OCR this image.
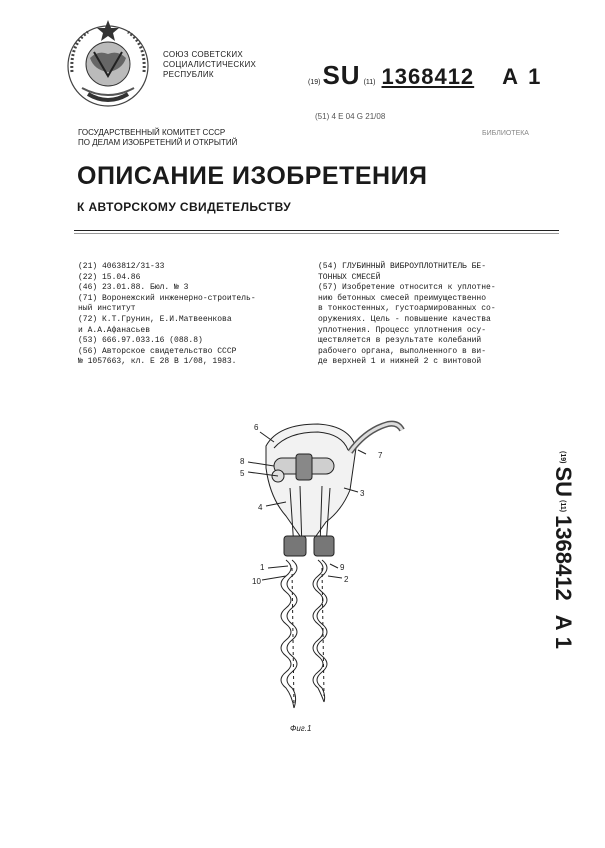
СОЮЗ СОВЕТСКИХ
СОЦИАЛИСТИЧЕСКИХ
РЕСПУБЛИК
(19) SU (11) 1368412 А 1
(51) 4 Е 04 G 21/08
БИБЛИОТЕКА
ГОСУДАРСТВЕННЫЙ КОМИТЕТ СССР
ПО ДЕЛАМ ИЗОБРЕТЕНИЙ И ОТКРЫТИЙ
ОПИСАНИЕ ИЗОБРЕТЕНИЯ
К АВТОРСКОМУ СВИДЕТЕЛЬСТВУ
(21) 4063812/31-33
(22) 15.04.86
(46) 23.01.88. Бюл. № 3
(71) Воронежский инженерно-строитель-
ный институт
(72) К.Т.Грунин, Е.И.Матвеенкова
и А.А.Афанасьев
(53) 666.97.033.16 (088.8)
(56) Авторское свидетельство СССР
№ 1057663, кл. Е 28 В 1/08, 1983.
(54) ГЛУБИННЫЙ ВИБРОУПЛОТНИТЕЛЬ БЕ-
ТОННЫХ СМЕСЕЙ
(57) Изобретение относится к уплотне-
нию бетонных смесей преимущественно
в тонкостенных, густоармированных со-
оружениях. Цель - повышение качества
уплотнения. Процесс уплотнения осу-
ществляется в результате колебаний
рабочего органа, выполненного в ви-
де верхней 1 и нижней 2 с винтовой
6
8
5
3
4
7
1
10	2
9
Фиг.1
(19)
SU
(11)
1368412
А 1
